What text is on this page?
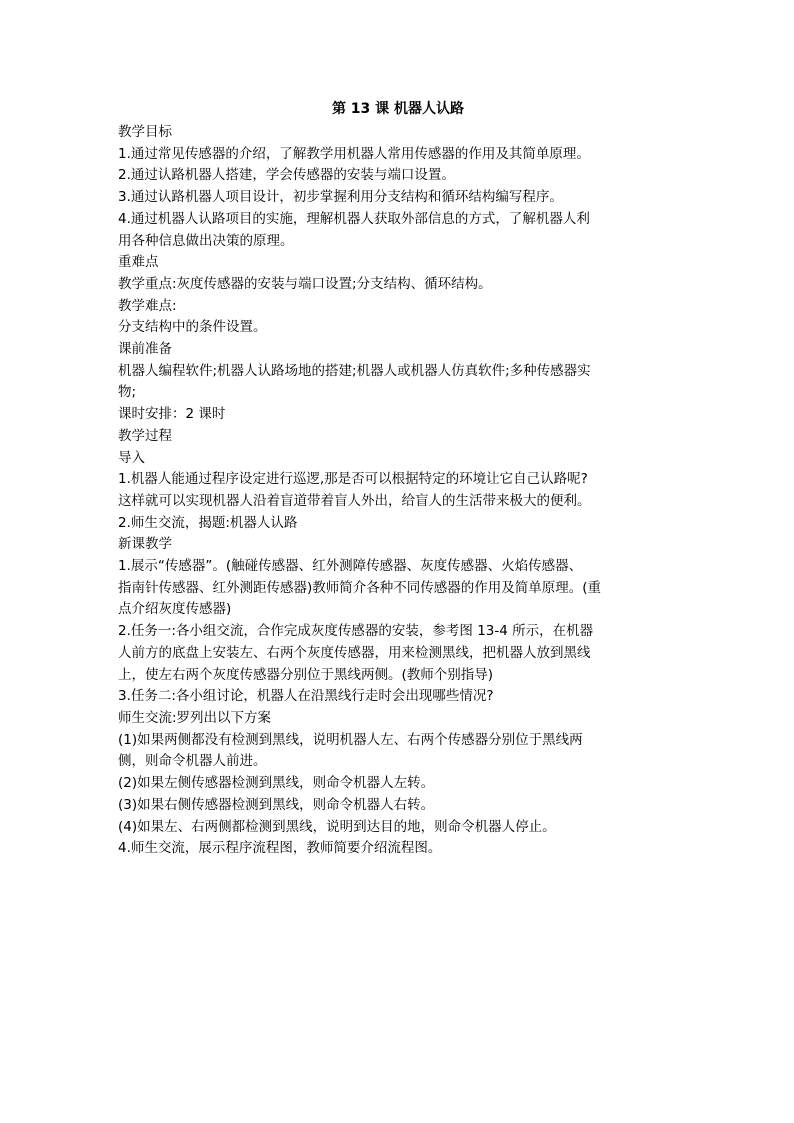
第 13 课 机器人认路
教学目标
1.通过常见传感器的介绍，了解教学用机器人常用传感器的作用及其简单原理。
2.通过认路机器人搭建，学会传感器的安装与端口设置。
3.通过认路机器人项目设计，初步掌握利用分支结构和循环结构编写程序。
4.通过机器人认路项目的实施，理解机器人获取外部信息的方式，了解机器人利
用各种信息做出决策的原理。
重难点
教学重点:灰度传感器的安装与端口设置;分支结构、循环结构。
教学难点:
分支结构中的条件设置。
课前准备
机器人编程软件;机器人认路场地的搭建;机器人或机器人仿真软件;多种传感器实
物;
课时安排：2 课时
教学过程
导入
1.机器人能通过程序设定进行巡逻,那是否可以根据特定的环境让它自己认路呢?
这样就可以实现机器人沿着盲道带着盲人外出，给盲人的生活带来极大的便利。
2.师生交流，揭题:机器人认路
新课教学
1.展示“传感器”。(触碰传感器、红外测障传感器、灰度传感器、火焰传感器、
指南针传感器、红外测距传感器)教师简介各种不同传感器的作用及简单原理。(重
点介绍灰度传感器)
2.任务一:各小组交流，合作完成灰度传感器的安装，参考图 13-4 所示，在机器
人前方的底盘上安装左、右两个灰度传感器，用来检测黑线，把机器人放到黑线
上，使左右两个灰度传感器分别位于黑线两侧。(教师个别指导)
3.任务二:各小组讨论，机器人在沿黑线行走时会出现哪些情况?
师生交流:罗列出以下方案
(1)如果两侧都没有检测到黑线，说明机器人左、右两个传感器分别位于黑线两
侧，则命令机器人前进。
(2)如果左侧传感器检测到黑线，则命令机器人左转。
(3)如果右侧传感器检测到黑线，则命令机器人右转。
(4)如果左、右两侧都检测到黑线，说明到达目的地，则命令机器人停止。
4.师生交流，展示程序流程图，教师简要介绍流程图。
